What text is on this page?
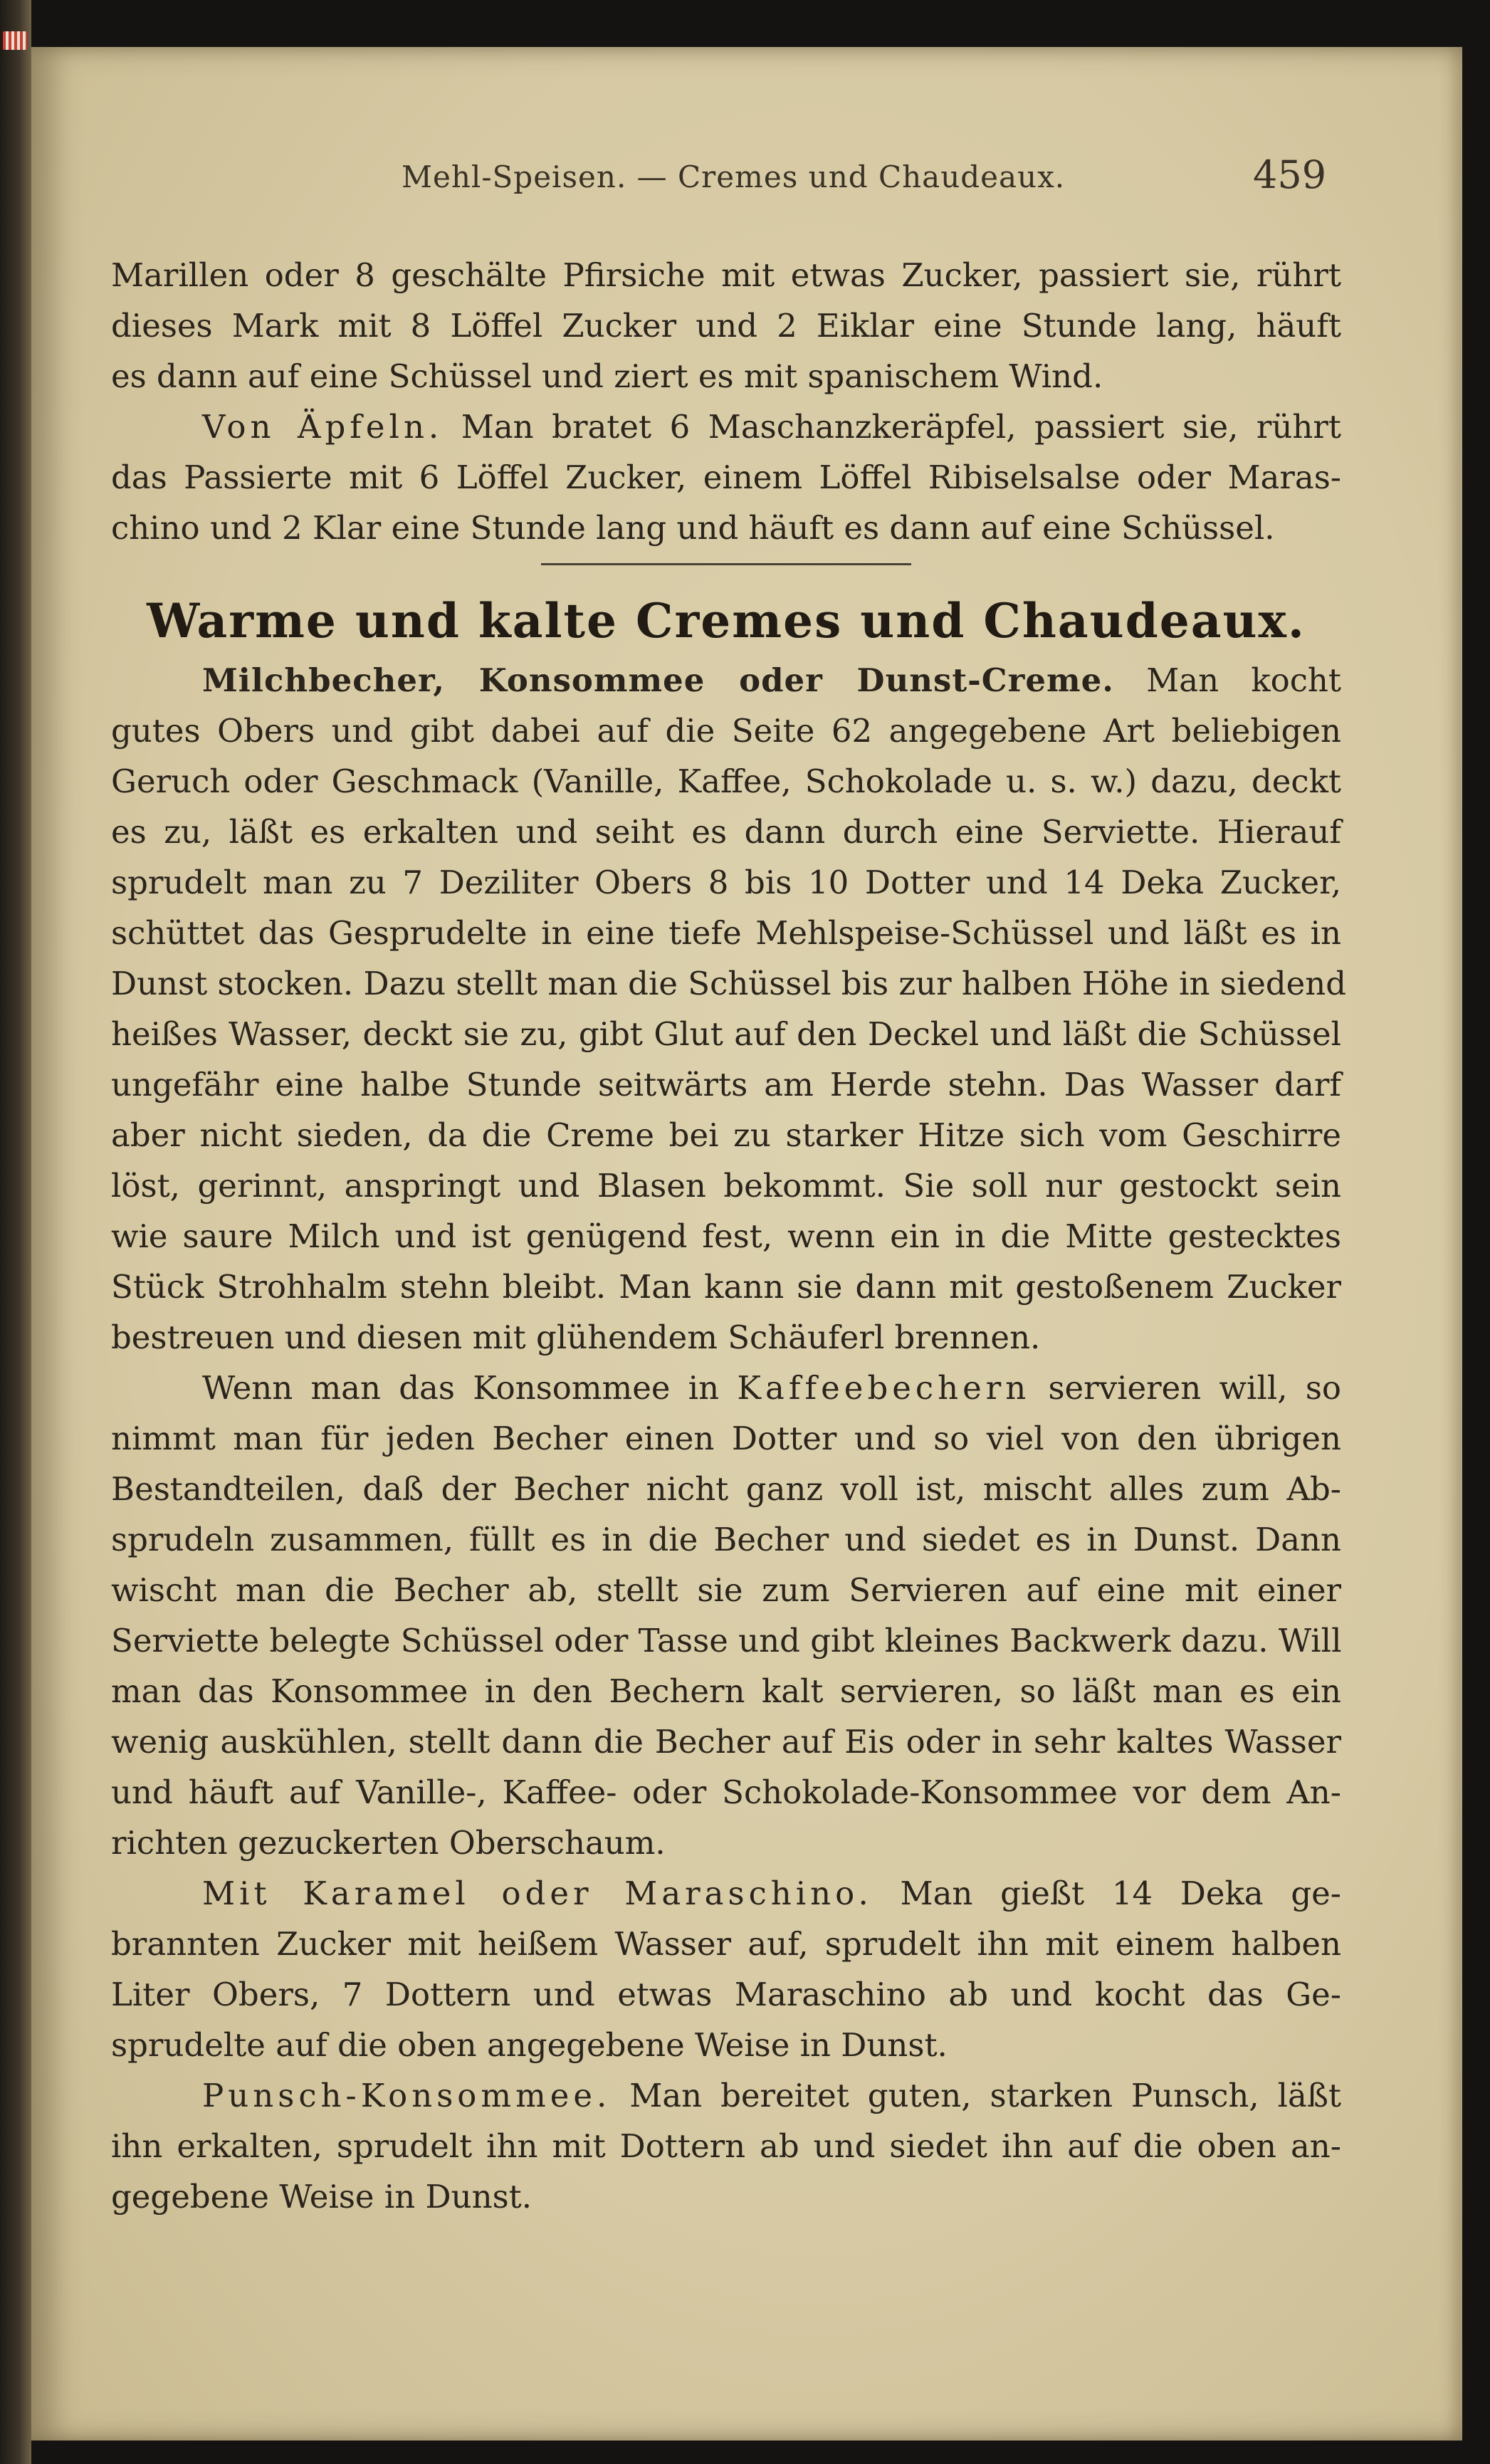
Mehl-Speisen. — Cremes und Chaudeaux.	459
Marillen oder 8 geschälte Pfirsiche mit etwas Zucker, passiert sie, rührt
dieses Mark mit 8 Löffel Zucker und 2 Eiklar eine Stunde lang, häuft
es dann auf eine Schüssel und ziert es mit spanischem Wind.
Von Äpfeln. Man bratet 6 Maschanzkeräpfel, passiert sie, rührt
das Passierte mit 6 Löffel Zucker, einem Löffel Ribiselsalse oder Maras-
chino und 2 Klar eine Stunde lang und häuft es dann auf eine Schüssel.
Warme und kalte Cremes und Chaudeaux.
Milchbecher, Konsommee oder Dunst-Creme. Man kocht
gutes Obers und gibt dabei auf die Seite 62 angegebene Art beliebigen
Geruch oder Geschmack (Vanille, Kaffee, Schokolade u. s. w.) dazu, deckt
es zu, läßt es erkalten und seiht es dann durch eine Serviette. Hierauf
sprudelt man zu 7 Deziliter Obers 8 bis 10 Dotter und 14 Deka Zucker,
schüttet das Gesprudelte in eine tiefe Mehlspeise-Schüssel und läßt es in
Dunst stocken. Dazu stellt man die Schüssel bis zur halben Höhe in siedend
heißes Wasser, deckt sie zu, gibt Glut auf den Deckel und läßt die Schüssel
ungefähr eine halbe Stunde seitwärts am Herde stehn. Das Wasser darf
aber nicht sieden, da die Creme bei zu starker Hitze sich vom Geschirre
löst, gerinnt, anspringt und Blasen bekommt. Sie soll nur gestockt sein
wie saure Milch und ist genügend fest, wenn ein in die Mitte gestecktes
Stück Strohhalm stehn bleibt. Man kann sie dann mit gestoßenem Zucker
bestreuen und diesen mit glühendem Schäuferl brennen.
Wenn man das Konsommee in Kaffeebechern servieren will, so
nimmt man für jeden Becher einen Dotter und so viel von den übrigen
Bestandteilen, daß der Becher nicht ganz voll ist, mischt alles zum Ab-
sprudeln zusammen, füllt es in die Becher und siedet es in Dunst. Dann
wischt man die Becher ab, stellt sie zum Servieren auf eine mit einer
Serviette belegte Schüssel oder Tasse und gibt kleines Backwerk dazu. Will
man das Konsommee in den Bechern kalt servieren, so läßt man es ein
wenig auskühlen, stellt dann die Becher auf Eis oder in sehr kaltes Wasser
und häuft auf Vanille-, Kaffee- oder Schokolade-Konsommee vor dem An-
richten gezuckerten Oberschaum.
Mit Karamel oder Maraschino. Man gießt 14 Deka ge-
brannten Zucker mit heißem Wasser auf, sprudelt ihn mit einem halben
Liter Obers, 7 Dottern und etwas Maraschino ab und kocht das Ge-
sprudelte auf die oben angegebene Weise in Dunst.
Punsch-Konsommee. Man bereitet guten, starken Punsch, läßt
ihn erkalten, sprudelt ihn mit Dottern ab und siedet ihn auf die oben an-
gegebene Weise in Dunst.
